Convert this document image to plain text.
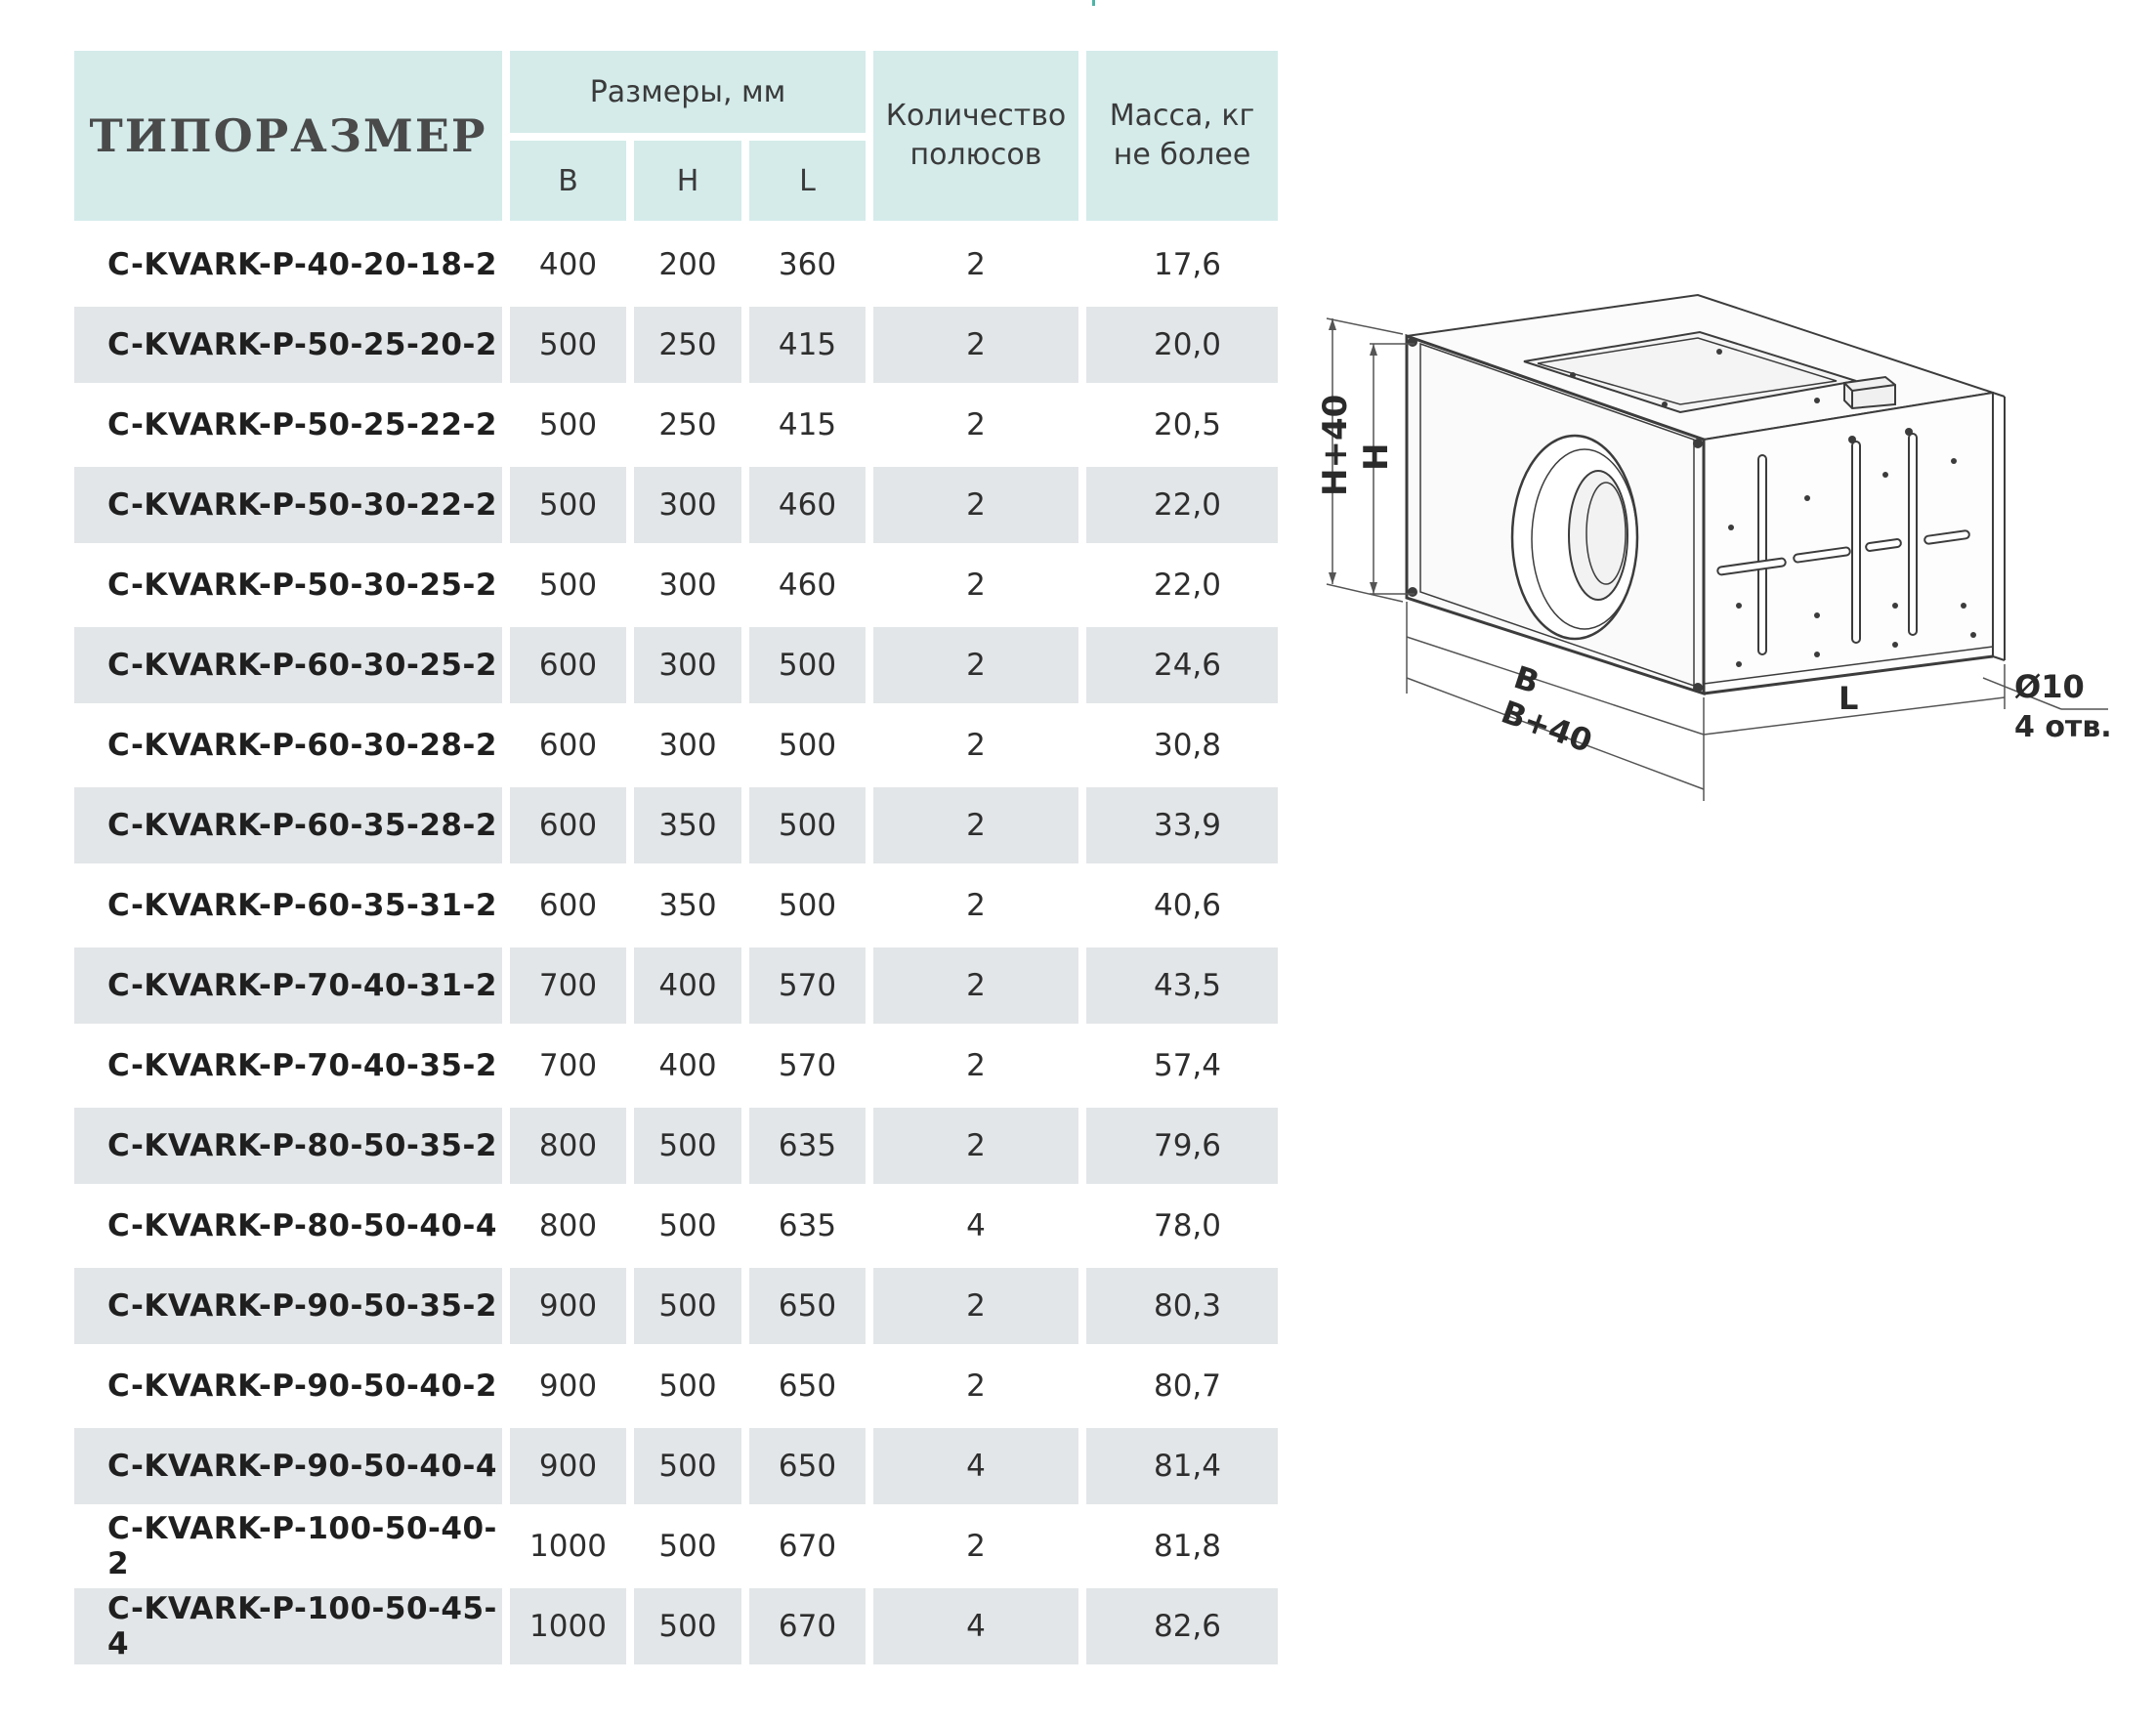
ТИПОРАЗМЕР	Размеры, мм			Количество
полюсов	Масса, кг
не более

	B	H	L		
C-KVARK-P-40-20-18-2	400	200	360	2	17,6
C-KVARK-P-50-25-20-2	500	250	415	2	20,0
C-KVARK-P-50-25-22-2	500	250	415	2	20,5
C-KVARK-P-50-30-22-2	500	300	460	2	22,0
C-KVARK-P-50-30-25-2	500	300	460	2	22,0
C-KVARK-P-60-30-25-2	600	300	500	2	24,6
C-KVARK-P-60-30-28-2	600	300	500	2	30,8
C-KVARK-P-60-35-28-2	600	350	500	2	33,9
C-KVARK-P-60-35-31-2	600	350	500	2	40,6
C-KVARK-P-70-40-31-2	700	400	570	2	43,5
C-KVARK-P-70-40-35-2	700	400	570	2	57,4
C-KVARK-P-80-50-35-2	800	500	635	2	79,6
C-KVARK-P-80-50-40-4	800	500	635	4	78,0
C-KVARK-P-90-50-35-2	900	500	650	2	80,3
C-KVARK-P-90-50-40-2	900	500	650	2	80,7
C-KVARK-P-90-50-40-4	900	500	650	4	81,4
C-KVARK-P-100-50-40-2	1000	500	670	2	81,8
C-KVARK-P-100-50-45-4	1000	500	670	4	82,6
H+40 H
B
B+40	L	Ø10
4 отв.
